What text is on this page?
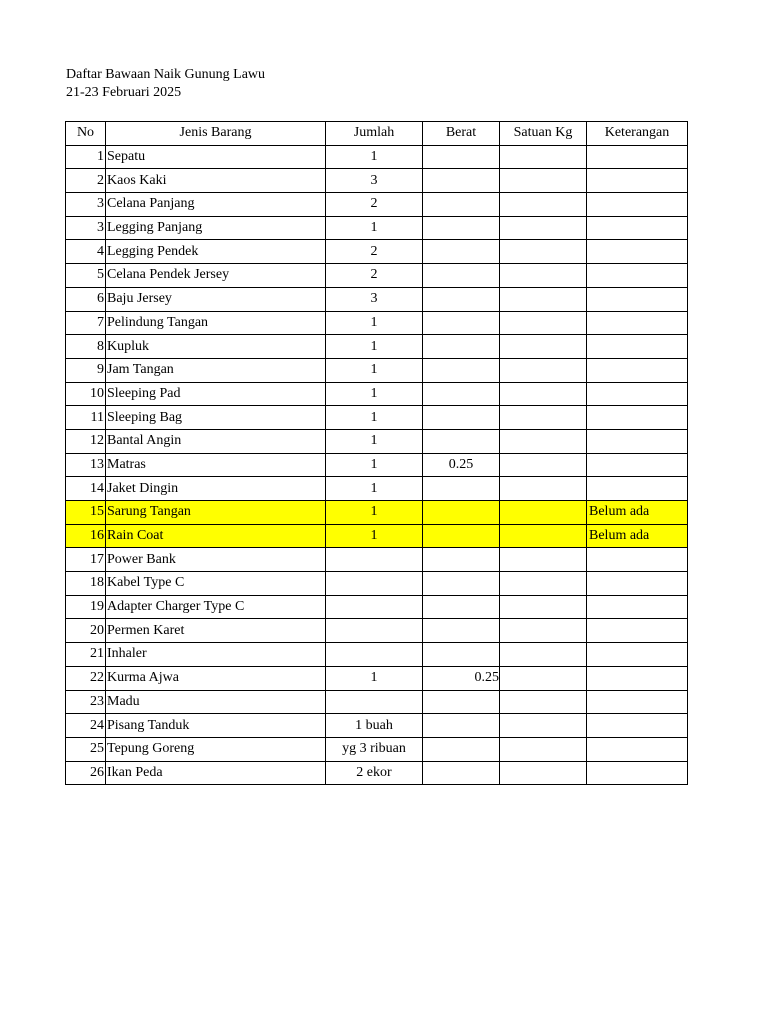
Daftar Bawaan Naik Gunung Lawu
21-23 Februari 2025
No	Jenis Barang	Jumlah	Berat	Satuan Kg	Keterangan
1	Sepatu	1			
2	Kaos Kaki	3			
3	Celana Panjang	2			
3	Legging Panjang	1			
4	Legging Pendek	2			
5	Celana Pendek Jersey	2			
6	Baju Jersey	3			
7	Pelindung Tangan	1			
8	Kupluk	1			
9	Jam Tangan	1			
10	Sleeping Pad	1			
11	Sleeping Bag	1			
12	Bantal Angin	1			
13	Matras	1	0.25		
14	Jaket Dingin	1			
15	Sarung Tangan	1			Belum ada
16	Rain Coat	1			Belum ada
17	Power Bank				
18	Kabel Type C				
19	Adapter Charger Type C				
20	Permen Karet				
21	Inhaler				
22	Kurma Ajwa	1	0.25		
23	Madu				
24	Pisang Tanduk	1 buah			
25	Tepung Goreng	yg 3 ribuan			
26	Ikan Peda	2 ekor			
